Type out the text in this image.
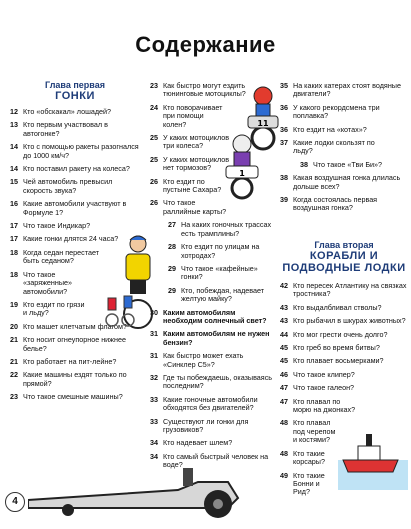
Содержание
Глава первая
ГОНКИ
Глава вторая
КОРАБЛИ И ПОДВОДНЫЕ ЛОДКИ
12 Кто «обскакал» лошадей?
13 Кто первым участвовал в автогонке?
14 Кто с помощью ракеты разогнался до 1000 км/ч?
14 Кто поставил ракету на колеса?
15 Чей автомобиль превысил скорость звука?
16 Какие автомобили участвуют в Формуле 1?
17 Что такое Индикар?
17 Какие гонки длятся 24 часа?
18 Когда седан перестает быть седаном?
18 Что такое «заряженные» автомобили?
19 Кто ездит по грязи и льду?
20 Кто машет клетчатым флагом?
21 Кто носит огнеупорное нижнее белье?
21 Кто работает на пит-лейне?
22 Какие машины ездят только по прямой?
23 Что такое смешные машины?
23 Как быстро могут ездить тюнинговые мотоциклы?
24 Кто поворачивает при помощи колен?
25 У каких мотоциклов три колеса?
25 У каких мотоциклов нет тормозов?
26 Кто ездит по пустыне Сахара?
26 Что такое раллийные карты?
27 На каких гоночных трассах есть трамплины?
28 Кто ездит по улицам на хотродах?
29 Что такое «кафейные» гонки?
29 Кто, побеждая, надевает желтую майку?
30 Каким автомобилям необходим солнечный свет?
31 Каким автомобилям не нужен бензин?
31 Как быстро может ехать «Синклер С5»?
32 Где ты побеждаешь, оказываясь последним?
33 Какие гоночные автомобили обходятся без двигателей?
33 Существуют ли гонки для грузовиков?
34 Кто надевает шлем?
34 Кто самый быстрый человек на воде?
35 На каких катерах стоят водяные двигатели?
36 У какого рекордсмена три поплавка?
36 Кто ездит на «котах»?
37 Какие лодки скользят по льду?
38 Что такое «Тви Би»?
38 Какая воздушная гонка длилась дольше всех?
39 Когда состоялась первая воздушная гонка?
42 Кто пересек Атлантику на связках тростника?
43 Кто выдалбливал стволы?
43 Кто рыбачил в шкурах животных?
44 Кто мог грести очень долго?
45 Кто греб во время битвы?
45 Кто плавает восьмерками?
46 Что такое клипер?
47 Что такое галеон?
47 Кто плавал по морю на джонках?
48 Кто плавал под черепом и костями?
48 Кто такие корсары?
49 Кто такие Бонни и Рид?
11
1
4
